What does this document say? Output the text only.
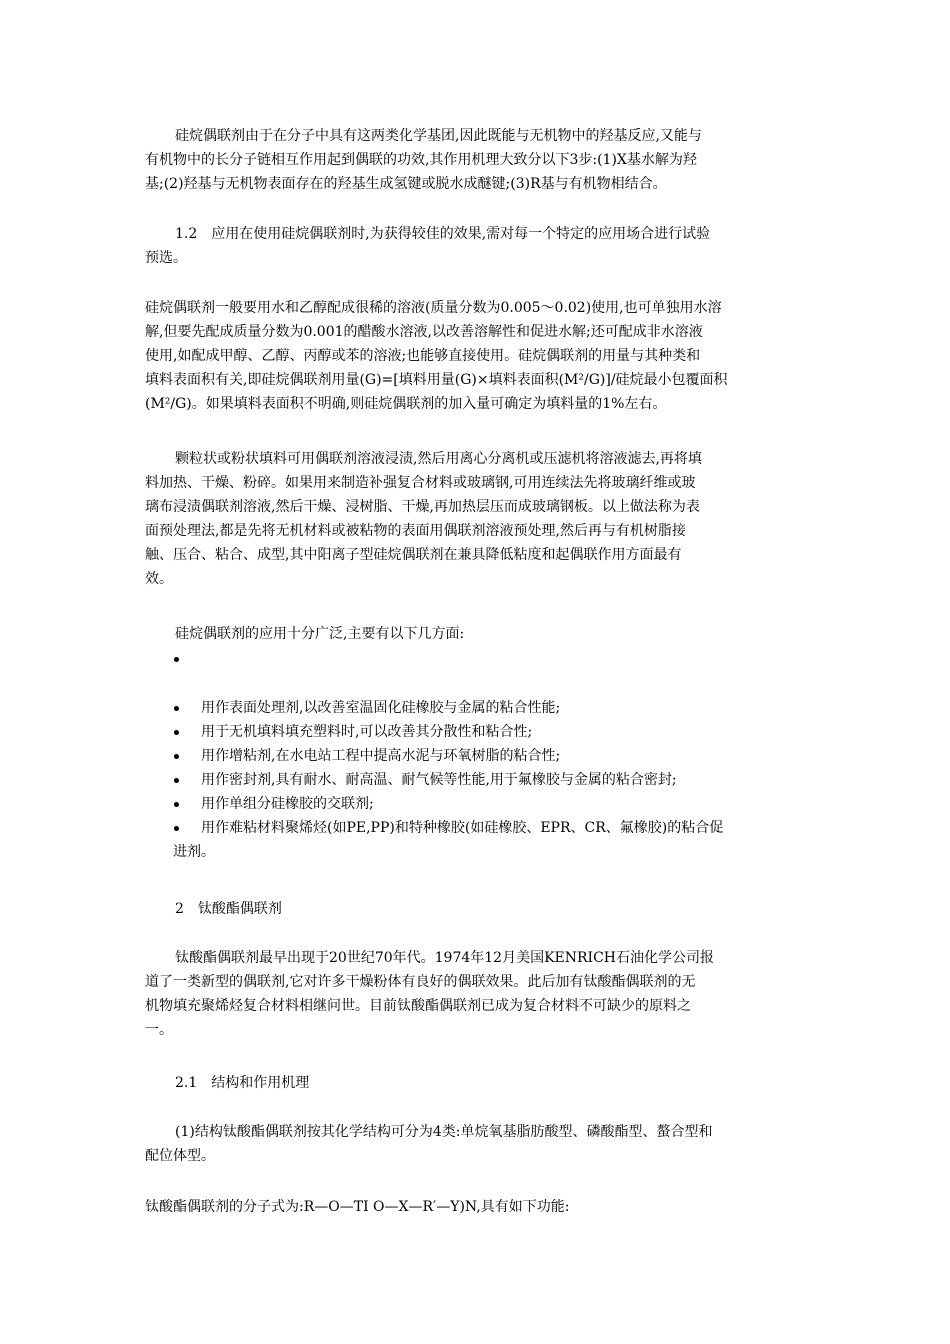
硅烷偶联剂由于在分子中具有这两类化学基团,因此既能与无机物中的羟基反应,又能与
有机物中的长分子链相互作用起到偶联的功效,其作用机理大致分以下3步:(1)X基水解为羟
基;(2)羟基与无机物表面存在的羟基生成氢键或脱水成醚键;(3)R基与有机物相结合。

1.2　应用在使用硅烷偶联剂时,为获得较佳的效果,需对每一个特定的应用场合进行试验
预选。

硅烷偶联剂一般要用水和乙醇配成很稀的溶液(质量分数为0.005～0.02)使用,也可单独用水溶
解,但要先配成质量分数为0.001的醋酸水溶液,以改善溶解性和促进水解;还可配成非水溶液
使用,如配成甲醇、乙醇、丙醇或苯的溶液;也能够直接使用。硅烷偶联剂的用量与其种类和
填料表面积有关,即硅烷偶联剂用量(G)=[填料用量(G)×填料表面积(M²/G)]/硅烷最小包覆面积
(M²/G)。如果填料表面积不明确,则硅烷偶联剂的加入量可确定为填料量的1%左右。

颗粒状或粉状填料可用偶联剂溶液浸渍,然后用离心分离机或压滤机将溶液滤去,再将填
料加热、干燥、粉碎。如果用来制造补强复合材料或玻璃钢,可用连续法先将玻璃纤维或玻
璃布浸渍偶联剂溶液,然后干燥、浸树脂、干燥,再加热层压而成玻璃钢板。以上做法称为表
面预处理法,都是先将无机材料或被粘物的表面用偶联剂溶液预处理,然后再与有机树脂接
触、压合、粘合、成型,其中阳离子型硅烷偶联剂在兼具降低粘度和起偶联作用方面最有
效。

硅烷偶联剂的应用十分广泛,主要有以下几方面:

用作表面处理剂,以改善室温固化硅橡胶与金属的粘合性能;
用于无机填料填充塑料时,可以改善其分散性和粘合性;
用作增粘剂,在水电站工程中提高水泥与环氧树脂的粘合性;
用作密封剂,具有耐水、耐高温、耐气候等性能,用于氟橡胶与金属的粘合密封;
用作单组分硅橡胶的交联剂;
用作难粘材料聚烯烃(如PE,PP)和特种橡胶(如硅橡胶、EPR、CR、氟橡胶)的粘合促
进剂。

2　钛酸酯偶联剂

钛酸酯偶联剂最早出现于20世纪70年代。1974年12月美国KENRICH石油化学公司报
道了一类新型的偶联剂,它对许多干燥粉体有良好的偶联效果。此后加有钛酸酯偶联剂的无
机物填充聚烯烃复合材料相继问世。目前钛酸酯偶联剂已成为复合材料不可缺少的原料之
一。

2.1　结构和作用机理

(1)结构钛酸酯偶联剂按其化学结构可分为4类:单烷氧基脂肪酸型、磷酸酯型、螯合型和
配位体型。

钛酸酯偶联剂的分子式为:R—O—TI O—X—R′—Y)N,具有如下功能:
